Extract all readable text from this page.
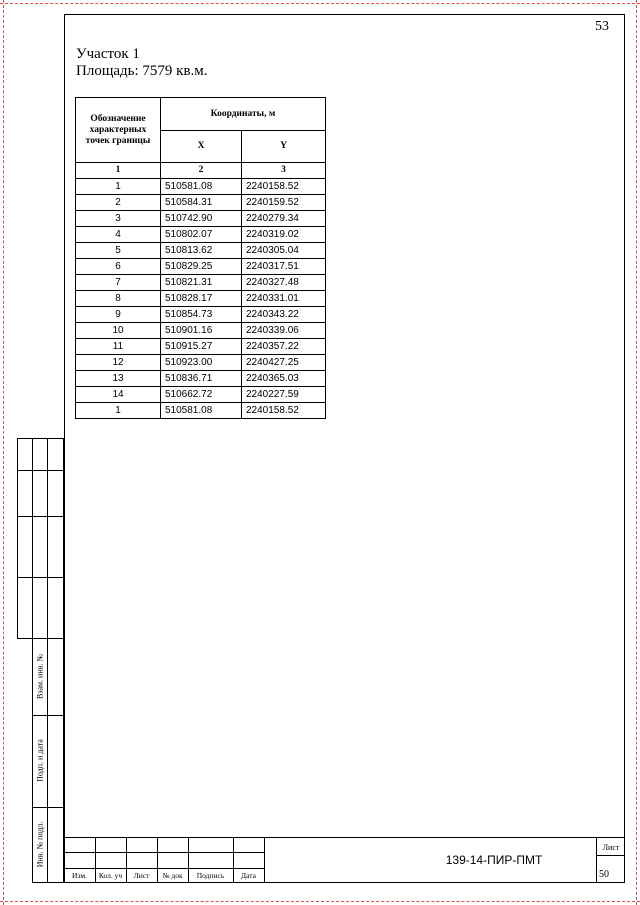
53
Участок 1
Площадь: 7579 кв.м.
Обозначение характерных точек границы	Координаты, м	
	X	Y
1	2	3
1	510581.08	2240158.52
2	510584.31	2240159.52
3	510742.90	2240279.34
4	510802.07	2240319.02
5	510813.62	2240305.04
6	510829.25	2240317.51
7	510821.31	2240327.48
8	510828.17	2240331.01
9	510854.73	2240343.22
10	510901.16	2240339.06
11	510915.27	2240357.22
12	510923.00	2240427.25
13	510836.71	2240365.03
14	510662.72	2240227.59
1	510581.08	2240158.52
Взам. инв. №
Подп. и дата
Инв. № подл.
Изм.	Кол. уч	Лист	№ док	Подпись	Дата
139-14-ПИР-ПМТ
Лист
50
